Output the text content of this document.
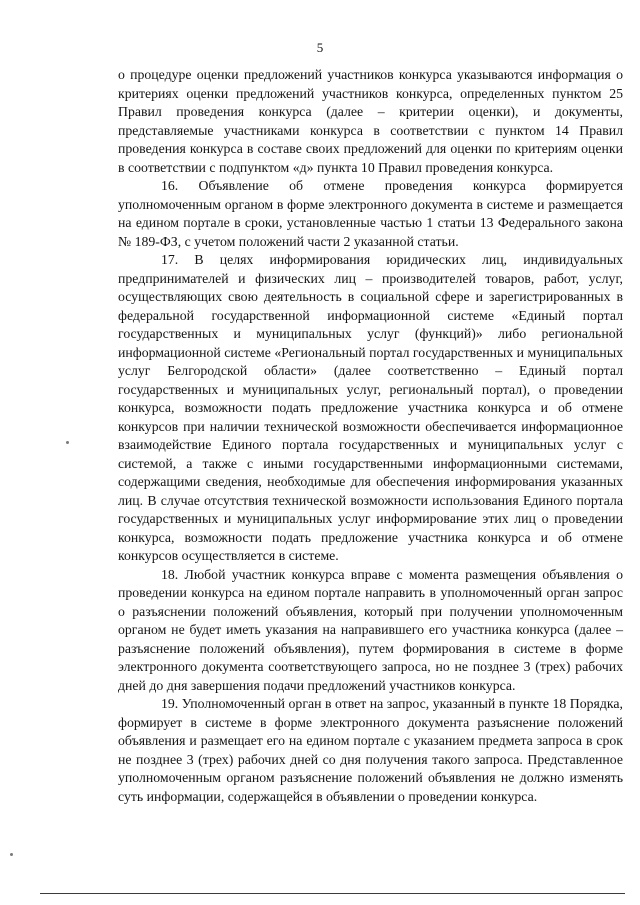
5

о процедуре оценки предложений участников конкурса указываются информация о критериях оценки предложений участников конкурса, определенных пунктом 25 Правил проведения конкурса (далее – критерии оценки), и документы, представляемые участниками конкурса в соответствии с пунктом 14 Правил проведения конкурса в составе своих предложений для оценки по критериям оценки в соответствии с подпунктом «д» пункта 10 Правил проведения конкурса.

16. Объявление об отмене проведения конкурса формируется уполномоченным органом в форме электронного документа в системе и размещается на едином портале в сроки, установленные частью 1 статьи 13 Федерального закона № 189-ФЗ, с учетом положений части 2 указанной статьи.

17. В целях информирования юридических лиц, индивидуальных предпринимателей и физических лиц – производителей товаров, работ, услуг, осуществляющих свою деятельность в социальной сфере и зарегистрированных в федеральной государственной информационной системе «Единый портал государственных и муниципальных услуг (функций)» либо региональной информационной системе «Региональный портал государственных и муниципальных услуг Белгородской области» (далее соответственно – Единый портал государственных и муниципальных услуг, региональный портал), о проведении конкурса, возможности подать предложение участника конкурса и об отмене конкурсов при наличии технической возможности обеспечивается информационное взаимодействие Единого портала государственных и муниципальных услуг с системой, а также с иными государственными информационными системами, содержащими сведения, необходимые для обеспечения информирования указанных лиц. В случае отсутствия технической возможности использования Единого портала государственных и муниципальных услуг информирование этих лиц о проведении конкурса, возможности подать предложение участника конкурса и об отмене конкурсов осуществляется в системе.

18. Любой участник конкурса вправе с момента размещения объявления о проведении конкурса на едином портале направить в уполномоченный орган запрос о разъяснении положений объявления, который при получении уполномоченным органом не будет иметь указания на направившего его участника конкурса (далее – разъяснение положений объявления), путем формирования в системе в форме электронного документа соответствующего запроса, но не позднее 3 (трех) рабочих дней до дня завершения подачи предложений участников конкурса.

19. Уполномоченный орган в ответ на запрос, указанный в пункте 18 Порядка, формирует в системе в форме электронного документа разъяснение положений объявления и размещает его на едином портале с указанием предмета запроса в срок не позднее 3 (трех) рабочих дней со дня получения такого запроса. Представленное уполномоченным органом разъяснение положений объявления не должно изменять суть информации, содержащейся в объявлении о проведении конкурса.
